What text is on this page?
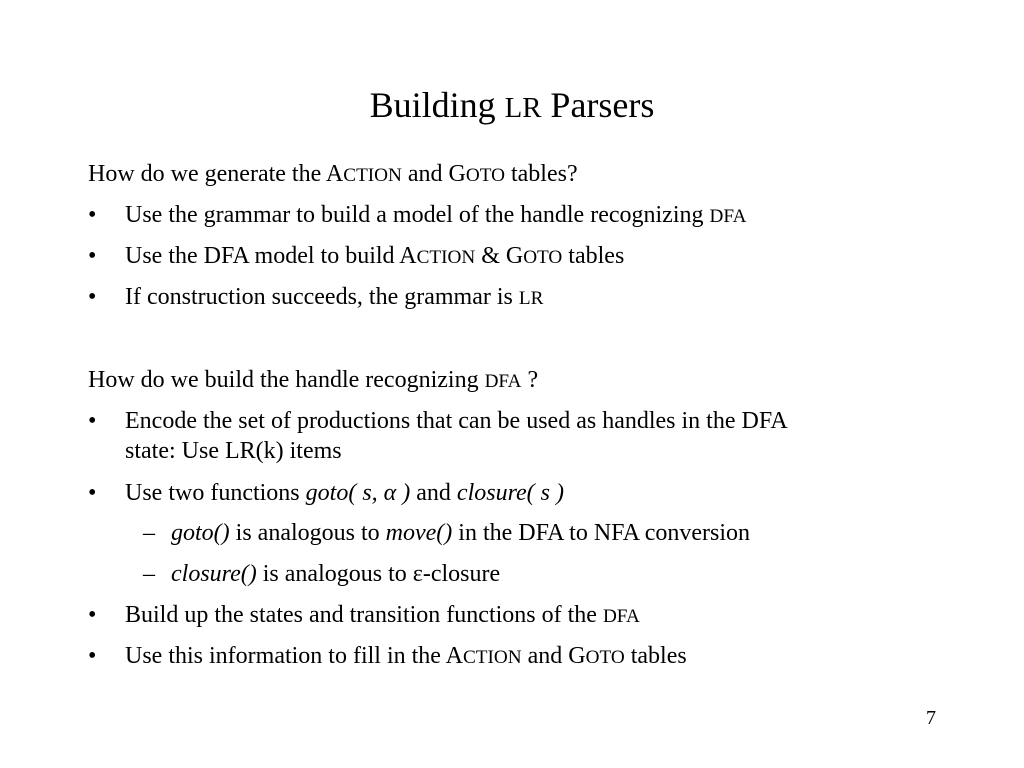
Building LR Parsers
How do we generate the ACTION and GOTO tables?
• Use the grammar to build a model of the handle recognizing DFA
• Use the DFA model to build ACTION & GOTO tables
• If construction succeeds, the grammar is LR
How do we build the handle recognizing DFA ?
• Encode the set of productions that can be used as handles in the DFA
state: Use LR(k) items
• Use two functions goto( s, α ) and closure( s )
– goto() is analogous to move() in the DFA to NFA conversion
– closure() is analogous to ε-closure
• Build up the states and transition functions of the DFA
• Use this information to fill in the ACTION and GOTO tables
7
